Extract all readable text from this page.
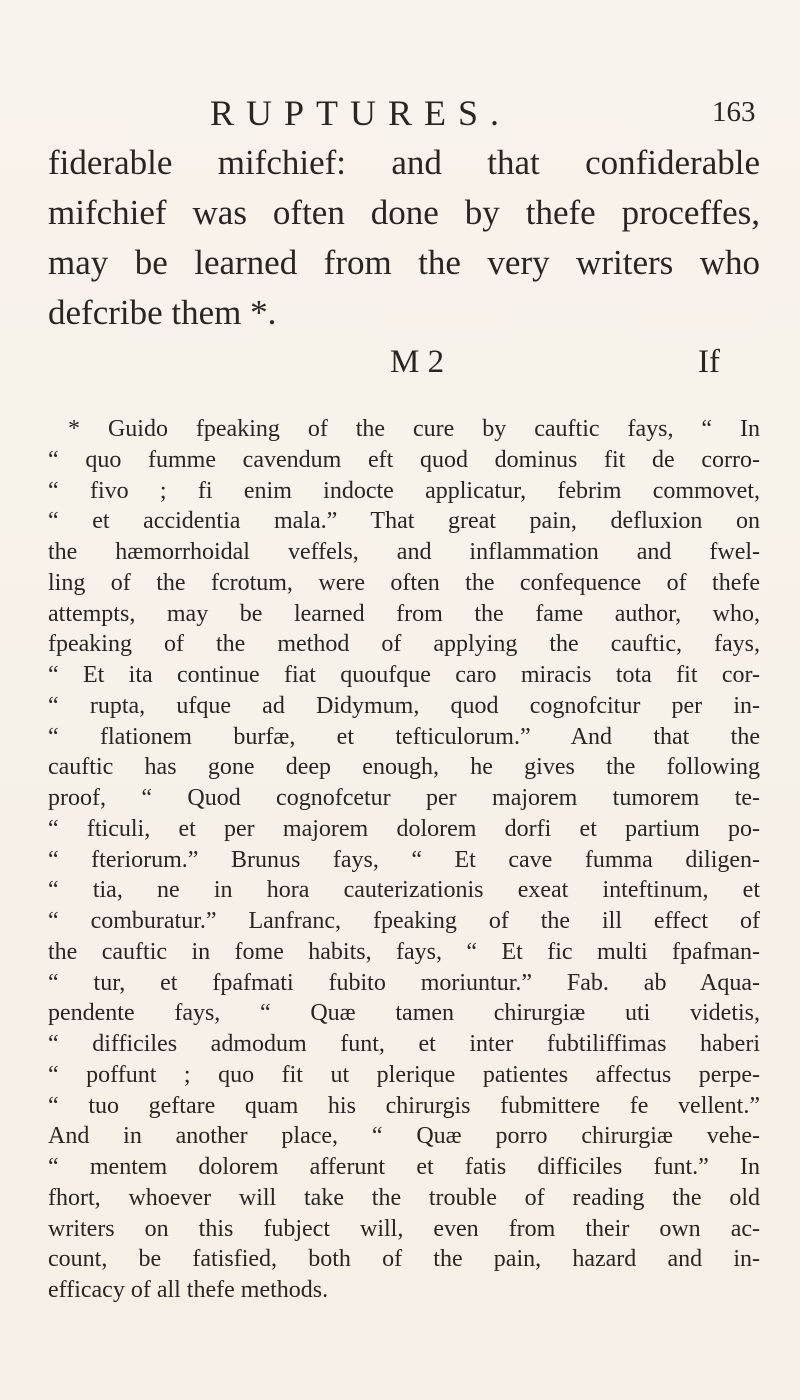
RUPTURES.	163
fiderable mifchief: and that confiderable
mifchief was often done by thefe proceffes,
may be learned from the very writers who
defcribe them *.
M 2	If
* Guido fpeaking of the cure by cauftic fays, “ In
“ quo fumme cavendum eft quod dominus fit de corro-
“ fivo ; fi enim indocte applicatur, febrim commovet,
“ et accidentia mala.” That great pain, defluxion on
the hæmorrhoidal veffels, and inflammation and fwel-
ling of the fcrotum, were often the confequence of thefe
attempts, may be learned from the fame author, who,
fpeaking of the method of applying the cauftic, fays,
“ Et ita continue fiat quoufque caro miracis tota fit cor-
“ rupta, ufque ad Didymum, quod cognofcitur per in-
“ flationem burfæ, et tefticulorum.” And that the
cauftic has gone deep enough, he gives the following
proof, “ Quod cognofcetur per majorem tumorem te-
“ fticuli, et per majorem dolorem dorfi et partium po-
“ fteriorum.” Brunus fays, “ Et cave fumma diligen-
“ tia, ne in hora cauterizationis exeat inteftinum, et
“ comburatur.” Lanfranc, fpeaking of the ill effect of
the cauftic in fome habits, fays, “ Et fic multi fpafman-
“ tur, et fpafmati fubito moriuntur.” Fab. ab Aqua-
pendente fays, “ Quæ tamen chirurgiæ uti videtis,
“ difficiles admodum funt, et inter fubtiliffimas haberi
“ poffunt ; quo fit ut plerique patientes affectus perpe-
“ tuo geftare quam his chirurgis fubmittere fe vellent.”
And in another place, “ Quæ porro chirurgiæ vehe-
“ mentem dolorem afferunt et fatis difficiles funt.” In
fhort, whoever will take the trouble of reading the old
writers on this fubject will, even from their own ac-
count, be fatisfied, both of the pain, hazard and in-
efficacy of all thefe methods.
